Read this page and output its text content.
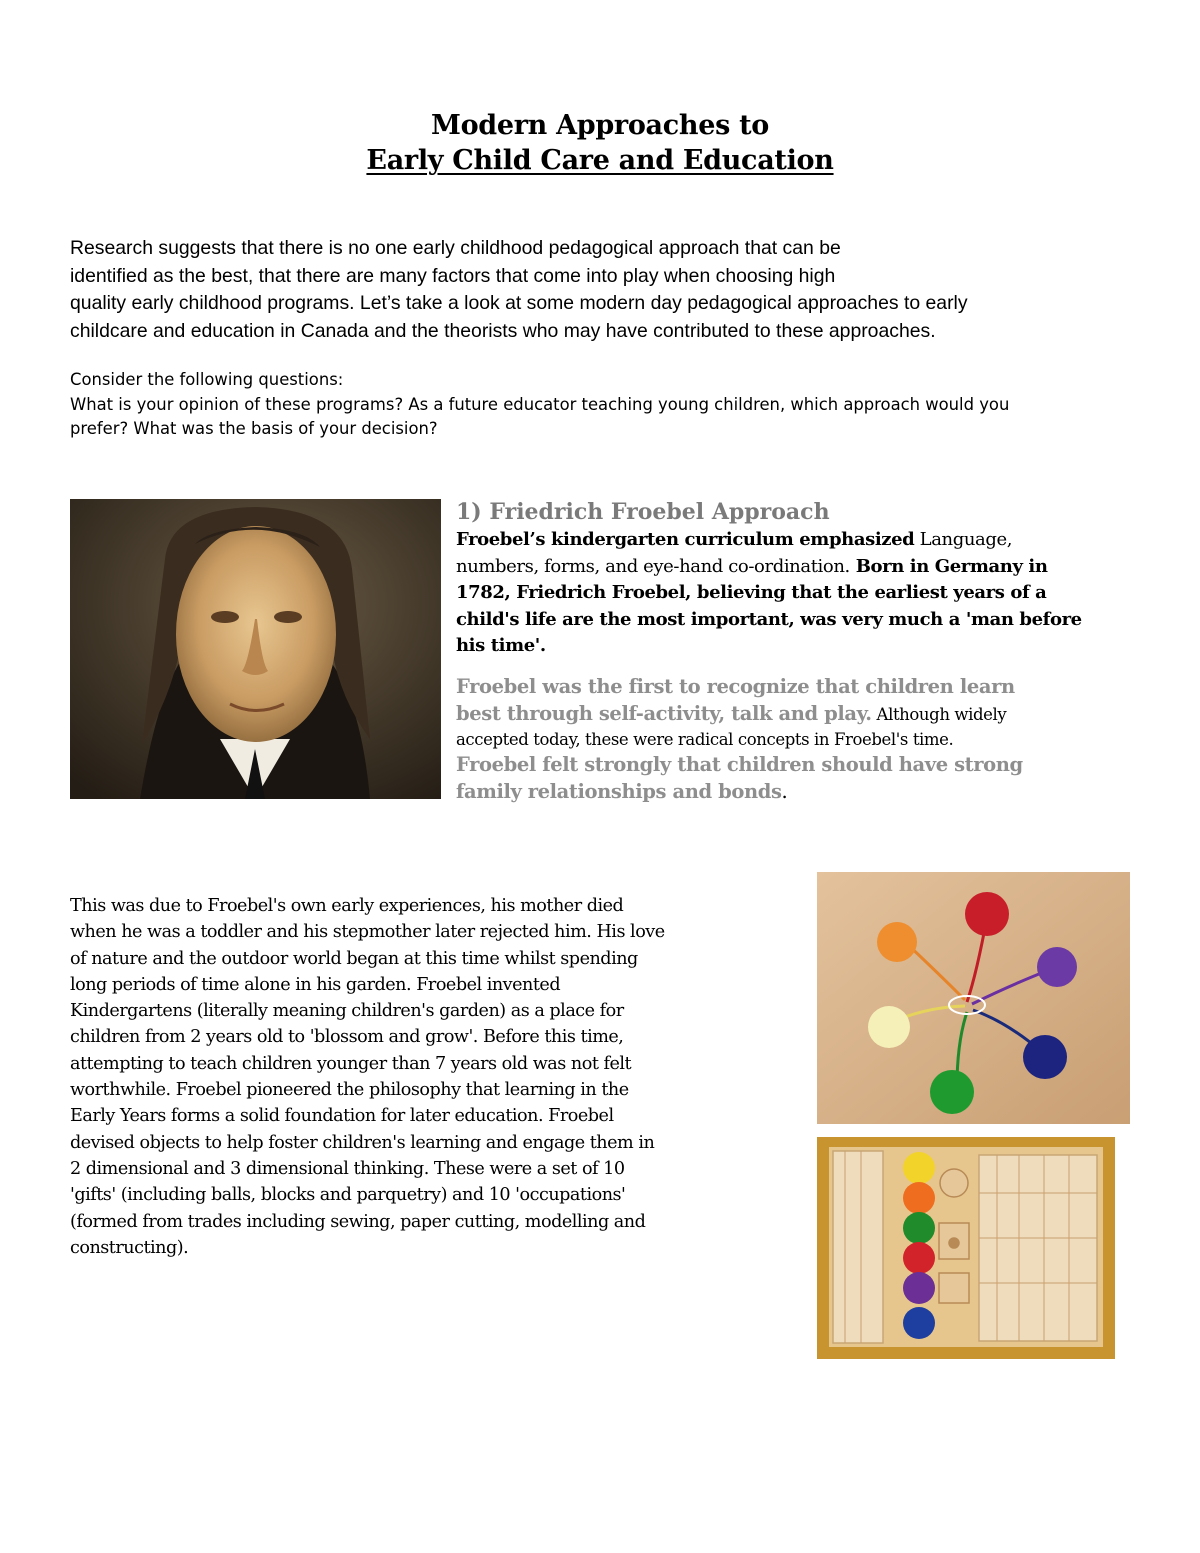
Modern Approaches to
Early Child Care and Education
Research suggests that there is no one early childhood pedagogical approach that can be
identified as the best, that there are many factors that come into play when choosing high
quality early childhood programs. Let’s take a look at some modern day pedagogical approaches to early
childcare and education in Canada and the theorists who may have contributed to these approaches.
Consider the following questions:
What is your opinion of these programs? As a future educator teaching young children, which approach would you
prefer? What was the basis of your decision?
1) Friedrich Froebel Approach
Froebel’s kindergarten curriculum emphasized Language,
numbers, forms, and eye-hand co-ordination. Born in Germany in
1782, Friedrich Froebel, believing that the earliest years of a
child's life are the most important, was very much a 'man before
his time'.
Froebel was the first to recognize that children learn
best through self-activity, talk and play. Although widely
accepted today, these were radical concepts in Froebel's time.
Froebel felt strongly that children should have strong
family relationships and bonds.
This was due to Froebel's own early experiences, his mother died
when he was a toddler and his stepmother later rejected him. His love
of nature and the outdoor world began at this time whilst spending
long periods of time alone in his garden. Froebel invented
Kindergartens (literally meaning children's garden) as a place for
children from 2 years old to 'blossom and grow'. Before this time,
attempting to teach children younger than 7 years old was not felt
worthwhile. Froebel pioneered the philosophy that learning in the
Early Years forms a solid foundation for later education. Froebel
devised objects to help foster children's learning and engage them in
2 dimensional and 3 dimensional thinking. These were a set of 10
'gifts' (including balls, blocks and parquetry) and 10 'occupations'
(formed from trades including sewing, paper cutting, modelling and
constructing).
